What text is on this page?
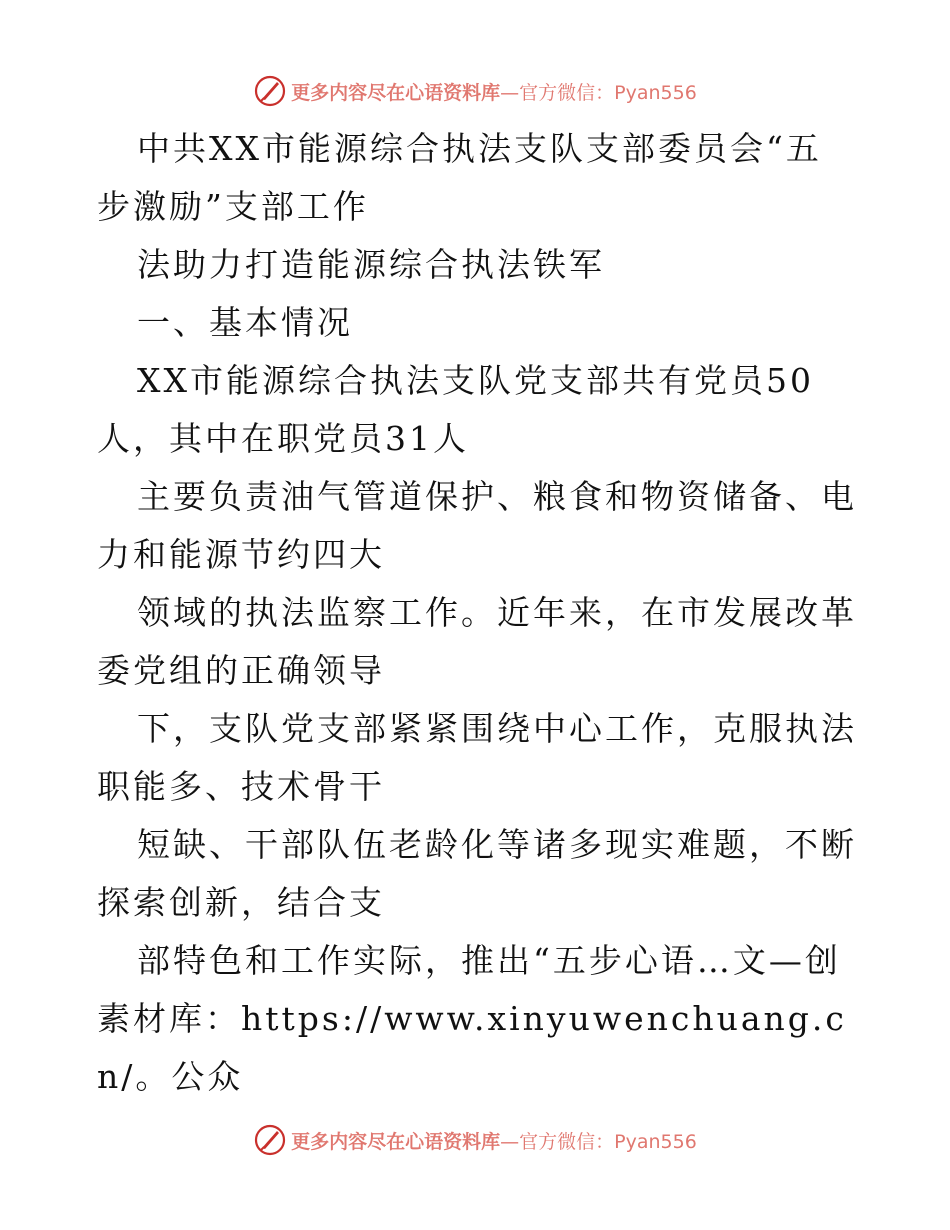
更多内容尽在心语资料库 —官方微信：Pyan556

中共XX市能源综合执法支队支部委员会“五步激励”支部工作

法助力打造能源综合执法铁军

一、基本情况

XX市能源综合执法支队党支部共有党员50人，其中在职党员31人

主要负责油气管道保护、粮食和物资储备、电力和能源节约四大

领域的执法监察工作。近年来，在市发展改革委党组的正确领导

下，支队党支部紧紧围绕中心工作，克服执法职能多、技术骨干

短缺、干部队伍老龄化等诸多现实难题，不断探索创新，结合支

部特色和工作实际，推出“五步心语…文—创素材库：https://www.xinyuwenchuang.cn/。公众

更多内容尽在心语资料库 —官方微信：Pyan556
